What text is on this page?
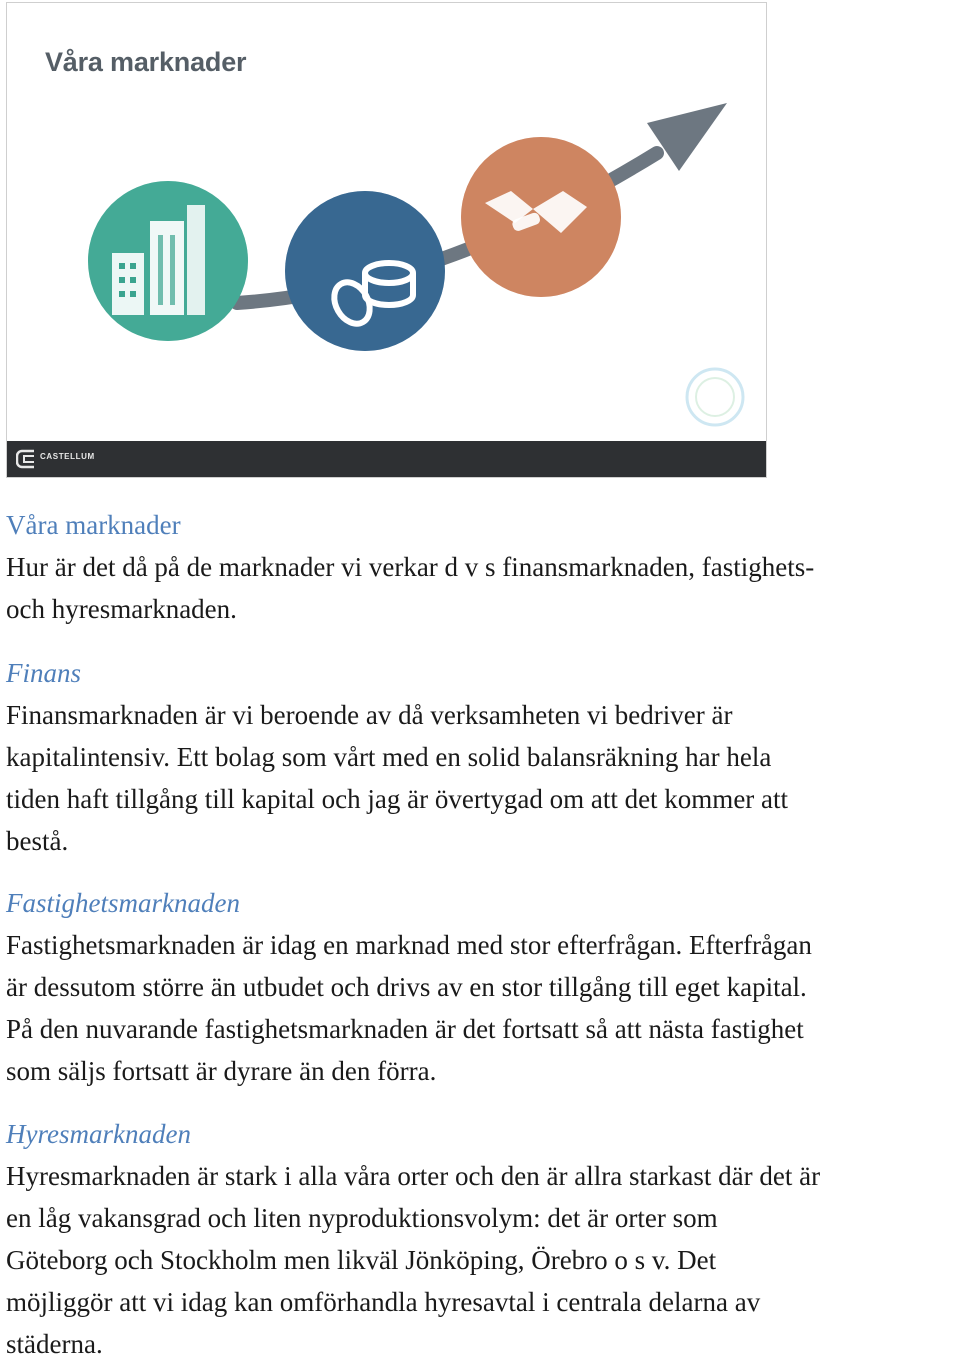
Våra marknader
CASTELLUM

Våra marknader

Hur är det då på de marknader vi verkar d v s finansmarknaden, fastighets-

och hyresmarknaden.

Finans

Finansmarknaden är vi beroende av då verksamheten vi bedriver är

kapitalintensiv. Ett bolag som vårt med en solid balansräkning har hela

tiden haft tillgång till kapital och jag är övertygad om att det kommer att

bestå.

Fastighetsmarknaden

Fastighetsmarknaden är idag en marknad med stor efterfrågan. Efterfrågan

är dessutom större än utbudet och drivs av en stor tillgång till eget kapital.

På den nuvarande fastighetsmarknaden är det fortsatt så att nästa fastighet

som säljs fortsatt är dyrare än den förra.

Hyresmarknaden

Hyresmarknaden är stark i alla våra orter och den är allra starkast där det är

en låg vakansgrad och liten nyproduktionsvolym: det är orter som

Göteborg och Stockholm men likväl Jönköping, Örebro o s v. Det

möjliggör att vi idag kan omförhandla hyresavtal i centrala delarna av

städerna.
